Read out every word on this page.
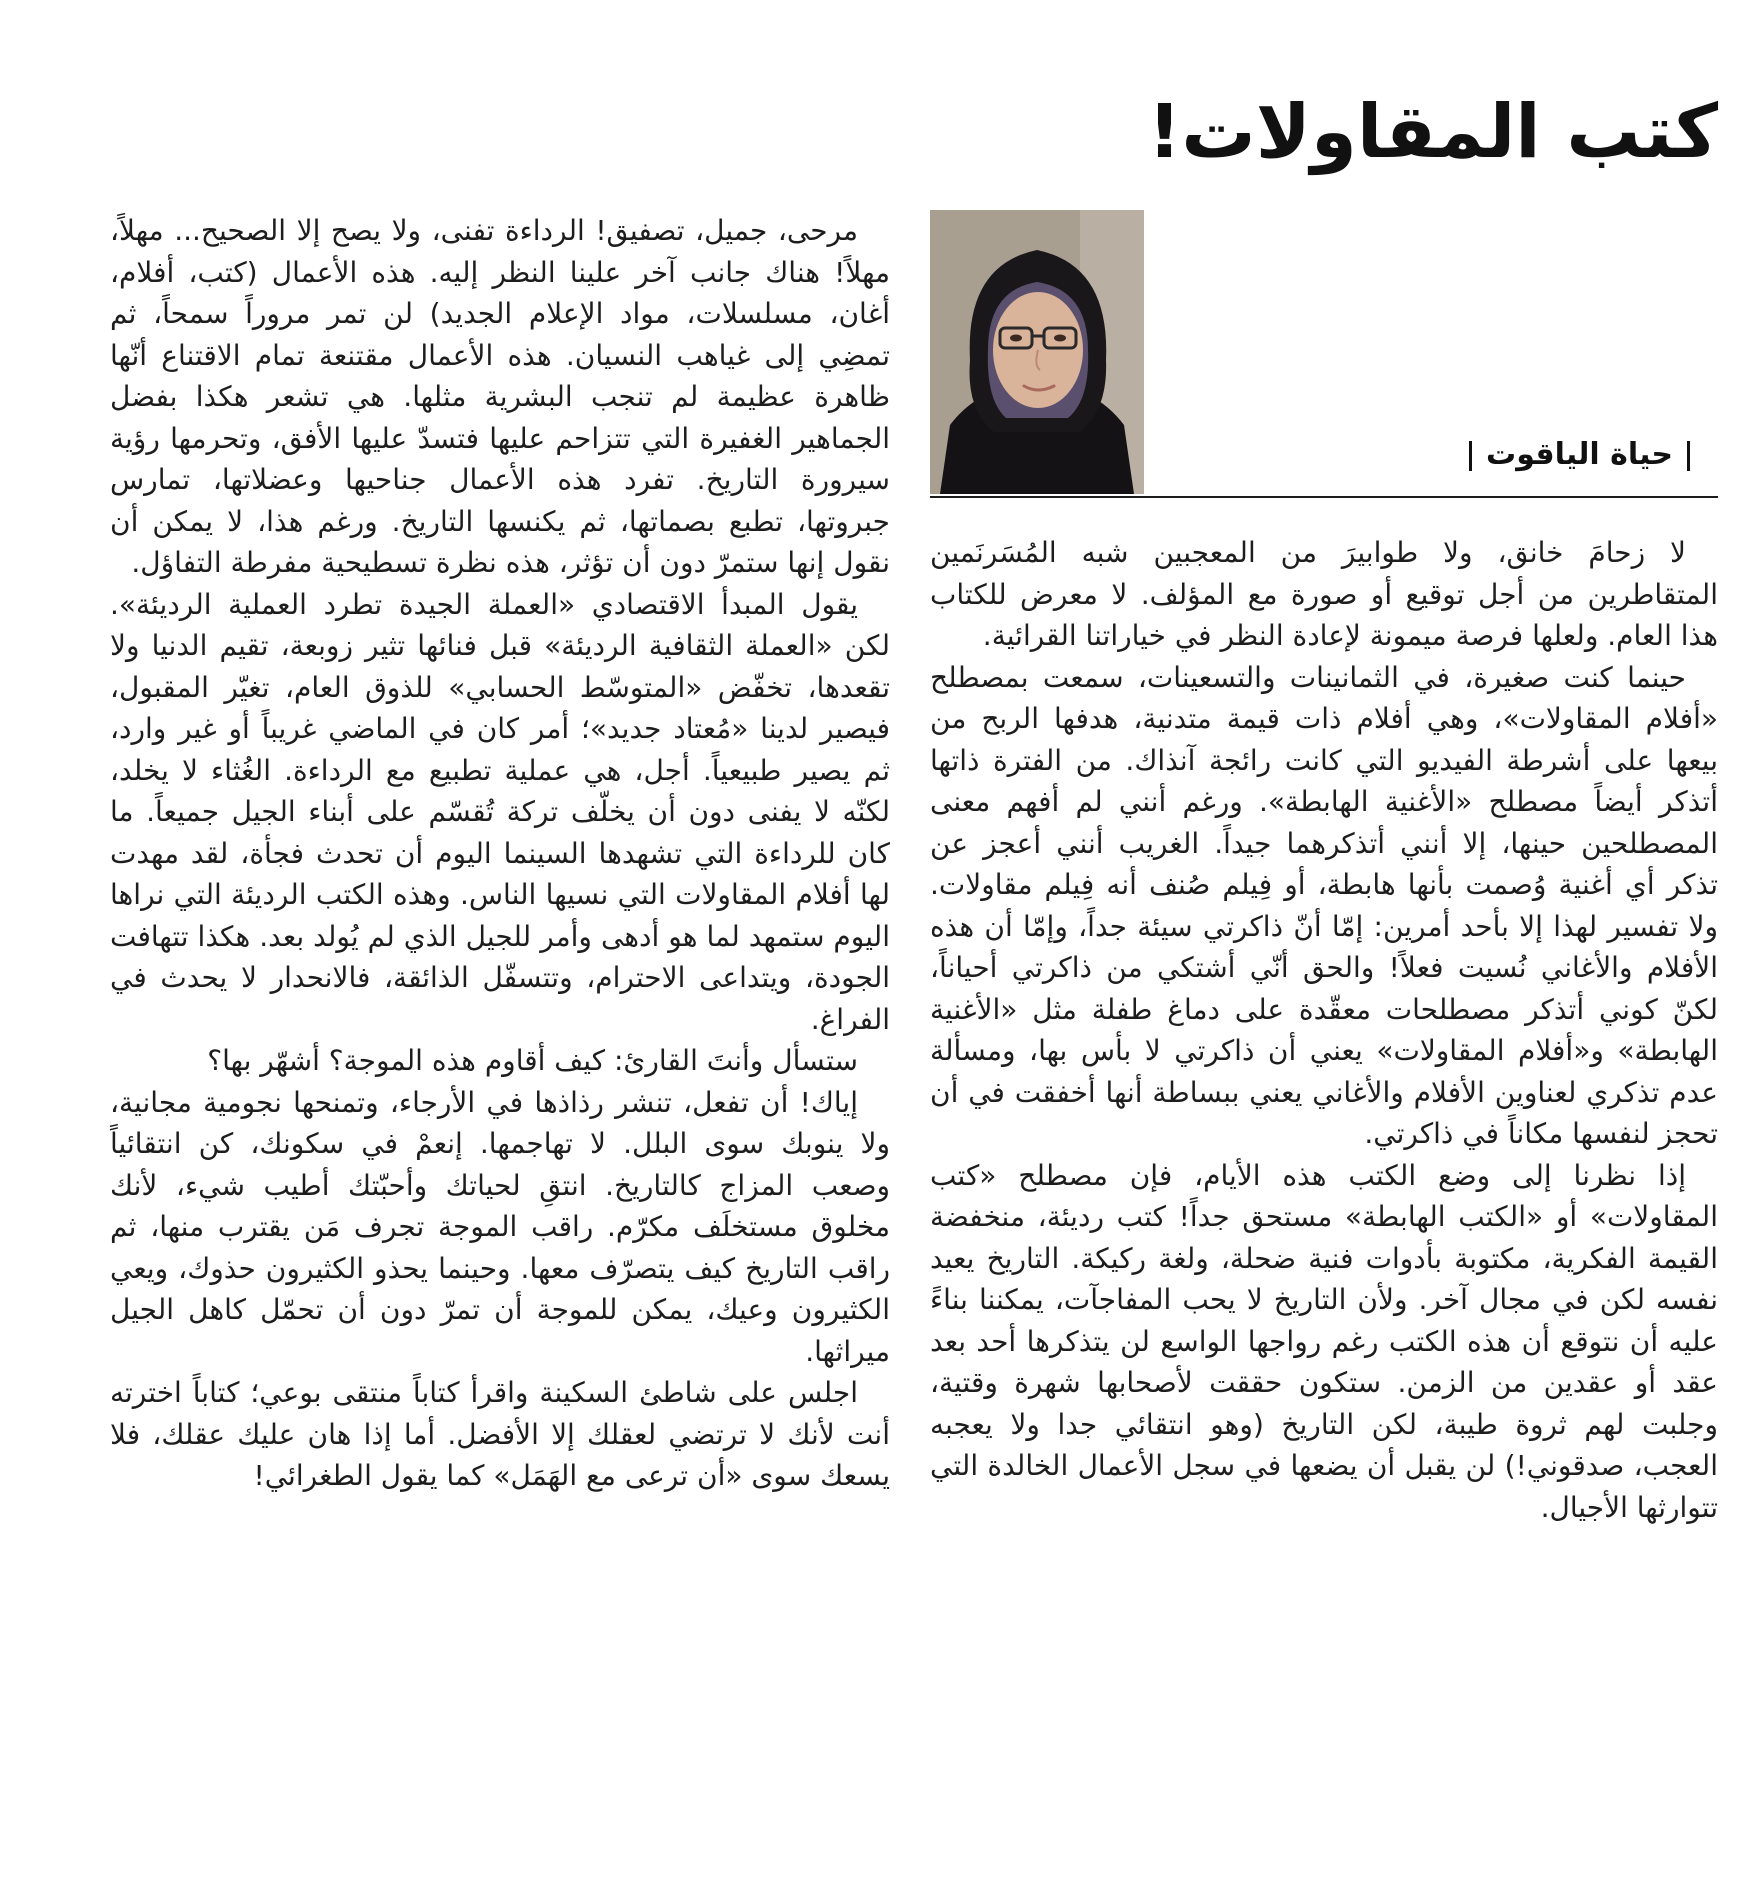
كتب المقاولات!
حياة الياقوت

لا زحامَ خانق، ولا طوابيرَ من المعجبين شبه المُسَرنَمين المتقاطرين من أجل توقيع أو صورة مع المؤلف. لا معرض للكتاب هذا العام. ولعلها فرصة ميمونة لإعادة النظر في خياراتنا القرائية.

حينما كنت صغيرة، في الثمانينات والتسعينات، سمعت بمصطلح «أفلام المقاولات»، وهي أفلام ذات قيمة متدنية، هدفها الربح من بيعها على أشرطة الفيديو التي كانت رائجة آنذاك. من الفترة ذاتها أتذكر أيضاً مصطلح «الأغنية الهابطة». ورغم أنني لم أفهم معنى المصطلحين حينها، إلا أنني أتذكرهما جيداً. الغريب أنني أعجز عن تذكر أي أغنية وُصمت بأنها هابطة، أو فِيلم صُنف أنه فِيلم مقاولات. ولا تفسير لهذا إلا بأحد أمرين: إمّا أنّ ذاكرتي سيئة جداً، وإمّا أن هذه الأفلام والأغاني نُسيت فعلاً! والحق أنّي أشتكي من ذاكرتي أحياناً، لكنّ كوني أتذكر مصطلحات معقّدة على دماغ طفلة مثل «الأغنية الهابطة» و«أفلام المقاولات» يعني أن ذاكرتي لا بأس بها، ومسألة عدم تذكري لعناوين الأفلام والأغاني يعني ببساطة أنها أخفقت في أن تحجز لنفسها مكاناً في ذاكرتي.

إذا نظرنا إلى وضع الكتب هذه الأيام، فإن مصطلح «كتب المقاولات» أو «الكتب الهابطة» مستحق جداً! كتب رديئة، منخفضة القيمة الفكرية، مكتوبة بأدوات فنية ضحلة، ولغة ركيكة. التاريخ يعيد نفسه لكن في مجال آخر. ولأن التاريخ لا يحب المفاجآت، يمكننا بناءً عليه أن نتوقع أن هذه الكتب رغم رواجها الواسع لن يتذكرها أحد بعد عقد أو عقدين من الزمن. ستكون حققت لأصحابها شهرة وقتية، وجلبت لهم ثروة طيبة، لكن التاريخ (وهو انتقائي جدا ولا يعجبه العجب، صدقوني!) لن يقبل أن يضعها في سجل الأعمال الخالدة التي تتوارثها الأجيال.

مرحى، جميل، تصفيق! الرداءة تفنى، ولا يصح إلا الصحيح... مهلاً، مهلاً! هناك جانب آخر علينا النظر إليه. هذه الأعمال (كتب، أفلام، أغان، مسلسلات، مواد الإعلام الجديد) لن تمر مروراً سمحاً، ثم تمضِي إلى غياهب النسيان. هذه الأعمال مقتنعة تمام الاقتناع أنّها ظاهرة عظيمة لم تنجب البشرية مثلها. هي تشعر هكذا بفضل الجماهير الغفيرة التي تتزاحم عليها فتسدّ عليها الأفق، وتحرمها رؤية سيرورة التاريخ. تفرد هذه الأعمال جناحيها وعضلاتها، تمارس جبروتها، تطبع بصماتها، ثم يكنسها التاريخ. ورغم هذا، لا يمكن أن نقول إنها ستمرّ دون أن تؤثر، هذه نظرة تسطيحية مفرطة التفاؤل.

يقول المبدأ الاقتصادي «العملة الجيدة تطرد العملية الرديئة». لكن «العملة الثقافية الرديئة» قبل فنائها تثير زوبعة، تقيم الدنيا ولا تقعدها، تخفّض «المتوسّط الحسابي» للذوق العام، تغيّر المقبول، فيصير لدينا «مُعتاد جديد»؛ أمر كان في الماضي غريباً أو غير وارد، ثم يصير طبيعياً. أجل، هي عملية تطبيع مع الرداءة. الغُثاء لا يخلد، لكنّه لا يفنى دون أن يخلّف تركة تُقسّم على أبناء الجيل جميعاً. ما كان للرداءة التي تشهدها السينما اليوم أن تحدث فجأة، لقد مهدت لها أفلام المقاولات التي نسيها الناس. وهذه الكتب الرديئة التي نراها اليوم ستمهد لما هو أدهى وأمر للجيل الذي لم يُولد بعد. هكذا تتهافت الجودة، ويتداعى الاحترام، وتتسفّل الذائقة، فالانحدار لا يحدث في الفراغ.

ستسأل وأنتَ القارئ: كيف أقاوم هذه الموجة؟ أشهّر بها؟

إياك! أن تفعل، تنشر رذاذها في الأرجاء، وتمنحها نجومية مجانية، ولا ينوبك سوى البلل. لا تهاجمها. إنعمْ في سكونك، كن انتقائياً وصعب المزاج كالتاريخ. انتقِ لحياتك وأحبّتك أطيب شيء، لأنك مخلوق مستخلَف مكرّم. راقب الموجة تجرف مَن يقترب منها، ثم راقب التاريخ كيف يتصرّف معها. وحينما يحذو الكثيرون حذوك، ويعي الكثيرون وعيك، يمكن للموجة أن تمرّ دون أن تحمّل كاهل الجيل ميراثها.

اجلس على شاطئ السكينة واقرأ كتاباً منتقى بوعي؛ كتاباً اخترته أنت لأنك لا ترتضي لعقلك إلا الأفضل. أما إذا هان عليك عقلك، فلا يسعك سوى «أن ترعى مع الهَمَل» كما يقول الطغرائي!
